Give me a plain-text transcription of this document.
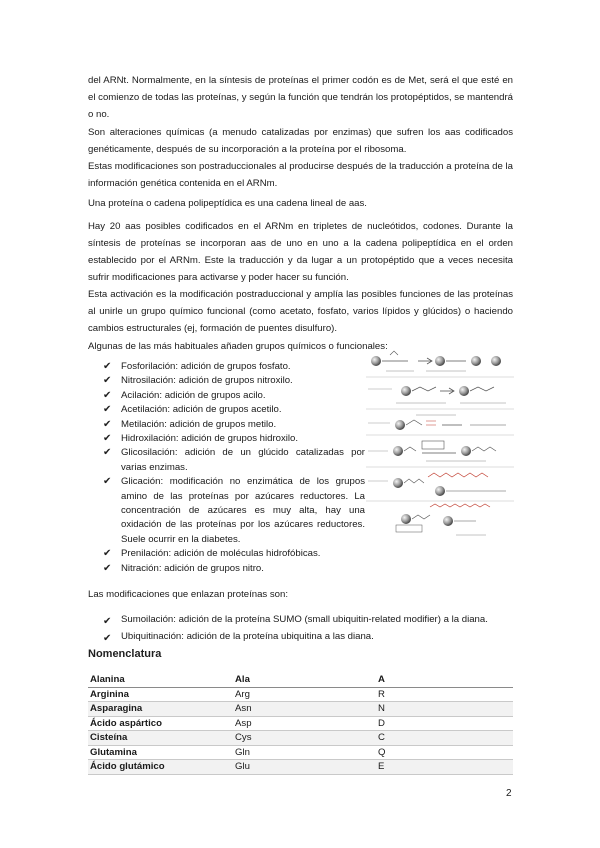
del ARNt. Normalmente, en la síntesis de proteínas el primer codón es de Met, será el que esté en el comienzo de todas las proteínas, y según la función que tendrán los protopéptidos, se mantendrá o no.

Son alteraciones químicas (a menudo catalizadas por enzimas) que sufren los aas codificados genéticamente, después de su incorporación a la proteína por el ribosoma.

Estas modificaciones son postraduccionales al producirse después de la traducción a proteína de la información genética contenida en el ARNm.

Una proteína o cadena polipeptídica es una cadena lineal de aas.

Hay 20 aas posibles codificados en el ARNm en tripletes de nucleótidos, codones. Durante la síntesis de proteínas se incorporan aas de uno en uno a la cadena polipeptídica en el orden establecido por el ARNm. Este la traducción y da lugar a un protopéptido que a veces necesita sufrir modificaciones para activarse y poder hacer su función.

Esta activación es la modificación postraduccional y amplía las posibles funciones de las proteínas al unirle un grupo químico funcional (como acetato, fosfato, varios lípidos y glúcidos) o haciendo cambios estructurales (ej, formación de puentes disulfuro).

Algunas de las más habituales añaden grupos químicos o funcionales:

✔ Fosforilación: adición de grupos fosfato.
✔ Nitrosilación: adición de grupos nitroxilo.
✔ Acilación: adición de grupos acilo.
✔ Acetilación: adición de grupos acetilo.
✔ Metilación: adición de grupos metilo.
✔ Hidroxilación: adición de grupos hidroxilo.
✔ Glicosilación: adición de un glúcido catalizadas por varias enzimas.
✔ Glicación: modificación no enzimática de los grupos amino de las proteínas por azúcares reductores. La concentración de azúcares es muy alta, hay una oxidación de las proteínas por los azúcares reductores. Suele ocurrir en la diabetes.
✔ Prenilación: adición de moléculas hidrofóbicas.
✔ Nitración: adición de grupos nitro.

Las modificaciones que enlazan proteínas son:

✔ Sumoilación: adición de la proteína SUMO (small ubiquitin-related modifier) a la diana.
✔ Ubiquitinación: adición de la proteína ubiquitina a las diana.
Nomenclatura
Alanina	Ala	A
Arginina	Arg	R
Asparagina	Asn	N
Ácido aspártico	Asp	D
Cisteína	Cys	C
Glutamina	Gln	Q
Ácido glutámico	Glu	E
2
